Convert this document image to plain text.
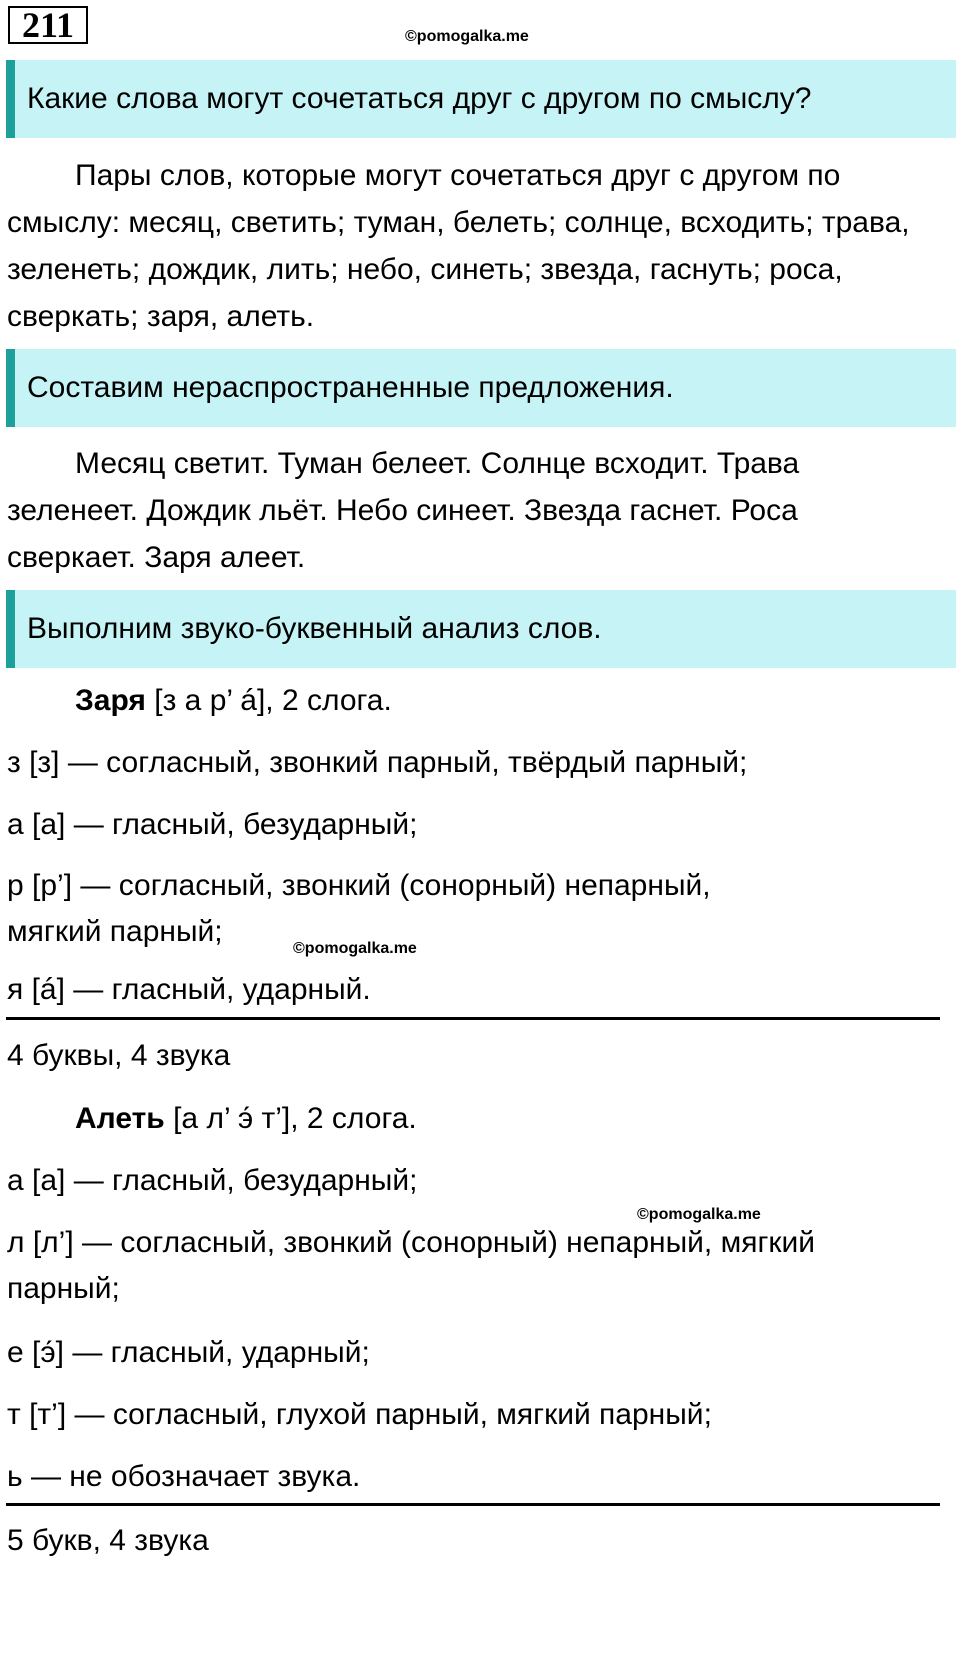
211	©pomogalka.me
Какие слова могут сочетаться друг с другом по смыслу?

Пары слов, которые могут сочетаться друг с другом по смыслу: месяц, светить; туман, белеть; солнце, всходить; трава, зеленеть; дождик, лить; небо, синеть; звезда, гаснуть; роса, сверкать; заря, алеть.

Составим нераспространенные предложения.

Месяц светит. Туман белеет. Солнце всходит. Трава зеленеет. Дождик льёт. Небо синеет. Звезда гаснет. Роса сверкает. Заря алеет.

Выполним звуко-буквенный анализ слов.

Заря [з а р’ á], 2 слога.

з [з] — согласный, звонкий парный, твёрдый парный;

а [а] — гласный, безударный;

р [р’] — согласный, звонкий (сонорный) непарный,

мягкий парный;

©pomogalka.me

я [á] — гласный, ударный.

4 буквы, 4 звука

Алеть [а л’ э́ т’], 2 слога.

а [а] — гласный, безударный;

©pomogalka.me

л [л’] — согласный, звонкий (сонорный) непарный, мягкий

парный;

е [э́] — гласный, ударный;

т [т’] — согласный, глухой парный, мягкий парный;

ь — не обозначает звука.

5 букв, 4 звука
